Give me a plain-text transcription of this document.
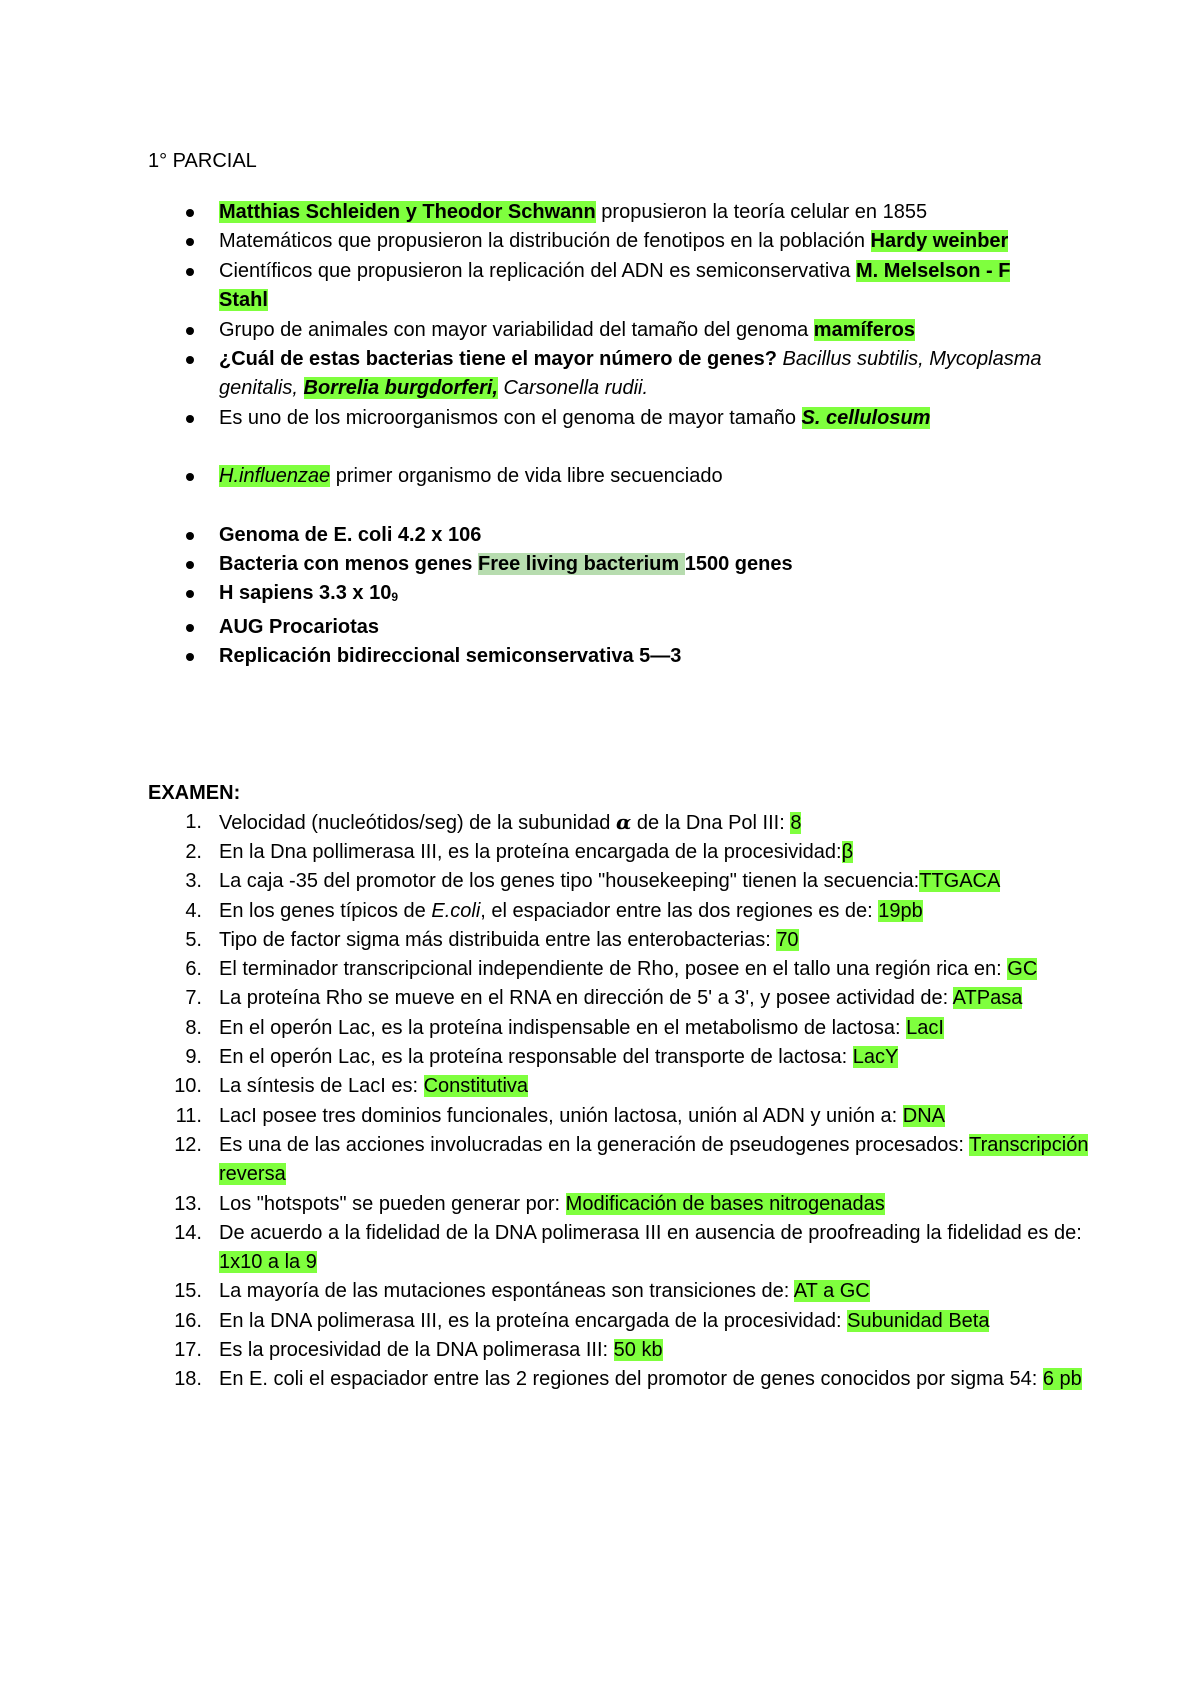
1° PARCIAL

Matthias Schleiden y Theodor Schwann propusieron la teoría celular en 1855
Matemáticos que propusieron la distribución de fenotipos en la población Hardy weinber
Científicos que propusieron la replicación del ADN es semiconservativa M. Melselson - F Stahl
Grupo de animales con mayor variabilidad del tamaño del genoma mamíferos
¿Cuál de estas bacterias tiene el mayor número de genes? Bacillus subtilis, Mycoplasma genitalis, Borrelia burgdorferi, Carsonella rudii.
Es uno de los microorganismos con el genoma de mayor tamaño S. cellulosum
H.influenzae primer organismo de vida libre secuenciado
Genoma de E. coli 4.2 x 106
Bacteria con menos genes Free living bacterium 1500 genes
H sapiens 3.3 x $10_9$
AUG Procariotas
Replicación bidireccional semiconservativa 5—3

EXAMEN:

1. Velocidad (nucleótidos/seg) de la subunidad α de la Dna Pol III: 8
2. En la Dna pollimerasa III, es la proteína encargada de la procesividad:β
3. La caja -35 del promotor de los genes tipo "housekeeping" tienen la secuencia:TTGACA
4. En los genes típicos de E.coli, el espaciador entre las dos regiones es de: 19pb
5. Tipo de factor sigma más distribuida entre las enterobacterias: 70
6. El terminador transcripcional independiente de Rho, posee en el tallo una región rica en: GC
7. La proteína Rho se mueve en el RNA en dirección de 5' a 3', y posee actividad de: ATPasa
8. En el operón Lac, es la proteína indispensable en el metabolismo de lactosa: LacI
9. En el operón Lac, es la proteína responsable del transporte de lactosa: LacY
10. La síntesis de LacI es: Constitutiva
11. LacI posee tres dominios funcionales, unión lactosa, unión al ADN y unión a: DNA
12. Es una de las acciones involucradas en la generación de pseudogenes procesados: Transcripción reversa
13. Los "hotspots" se pueden generar por: Modificación de bases nitrogenadas
14. De acuerdo a la fidelidad de la DNA polimerasa III en ausencia de proofreading la fidelidad es de: 1x10 a la 9
15. La mayoría de las mutaciones espontáneas son transiciones de: AT a GC
16. En la DNA polimerasa III, es la proteína encargada de la procesividad: Subunidad Beta
17. Es la procesividad de la DNA polimerasa III: 50 kb
18. En E. coli el espaciador entre las 2 regiones del promotor de genes conocidos por sigma 54: 6 pb
